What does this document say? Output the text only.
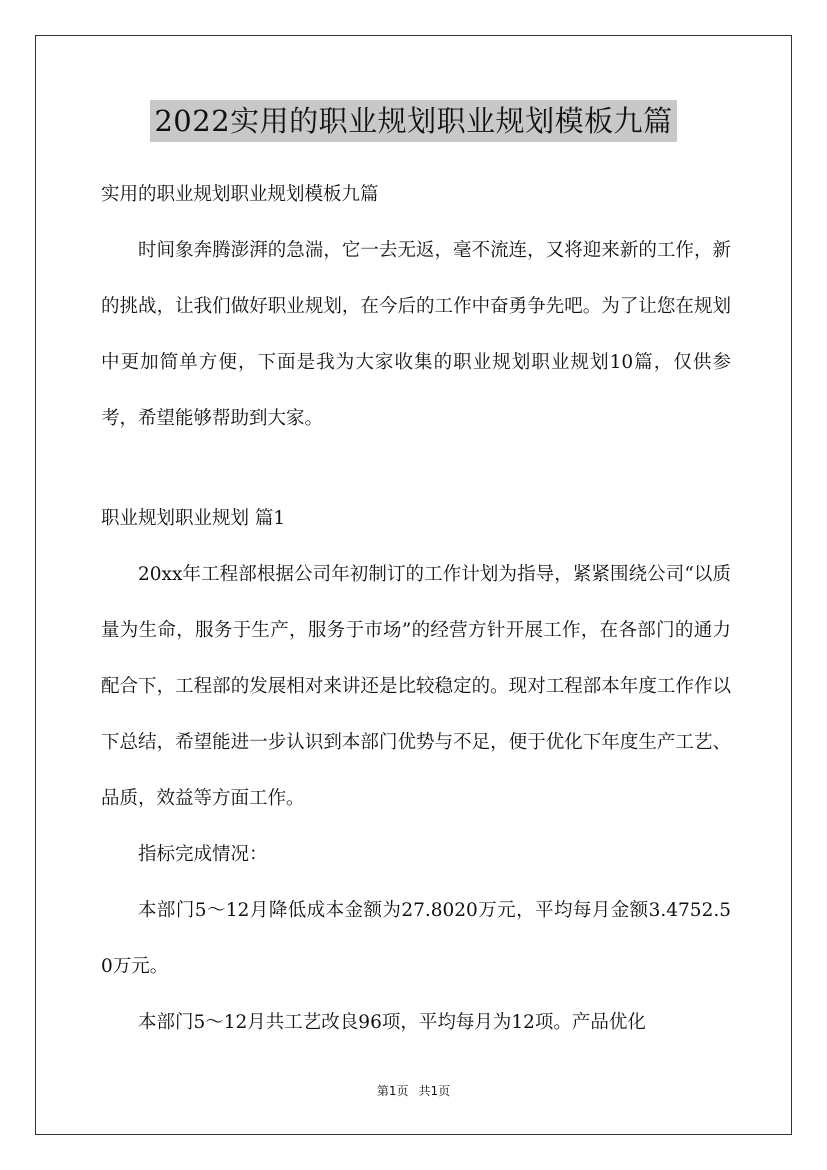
2022实用的职业规划职业规划模板九篇

实用的职业规划职业规划模板九篇

时间象奔腾澎湃的急湍，它一去无返，毫不流连，又将迎来新的工作，新的挑战，让我们做好职业规划，在今后的工作中奋勇争先吧。为了让您在规划中更加简单方便，下面是我为大家收集的职业规划职业规划10篇，仅供参考，希望能够帮助到大家。

职业规划职业规划 篇1

20xx年工程部根据公司年初制订的工作计划为指导，紧紧围绕公司“以质量为生命，服务于生产，服务于市场”的经营方针开展工作，在各部门的通力配合下，工程部的发展相对来讲还是比较稳定的。现对工程部本年度工作作以下总结，希望能进一步认识到本部门优势与不足，便于优化下年度生产工艺、品质，效益等方面工作。

指标完成情况：

本部门5～12月降低成本金额为27.8020万元，平均每月金额3.4752.50万元。

本部门5～12月共工艺改良96项，平均每月为12项。产品优化

第1页 共1页
